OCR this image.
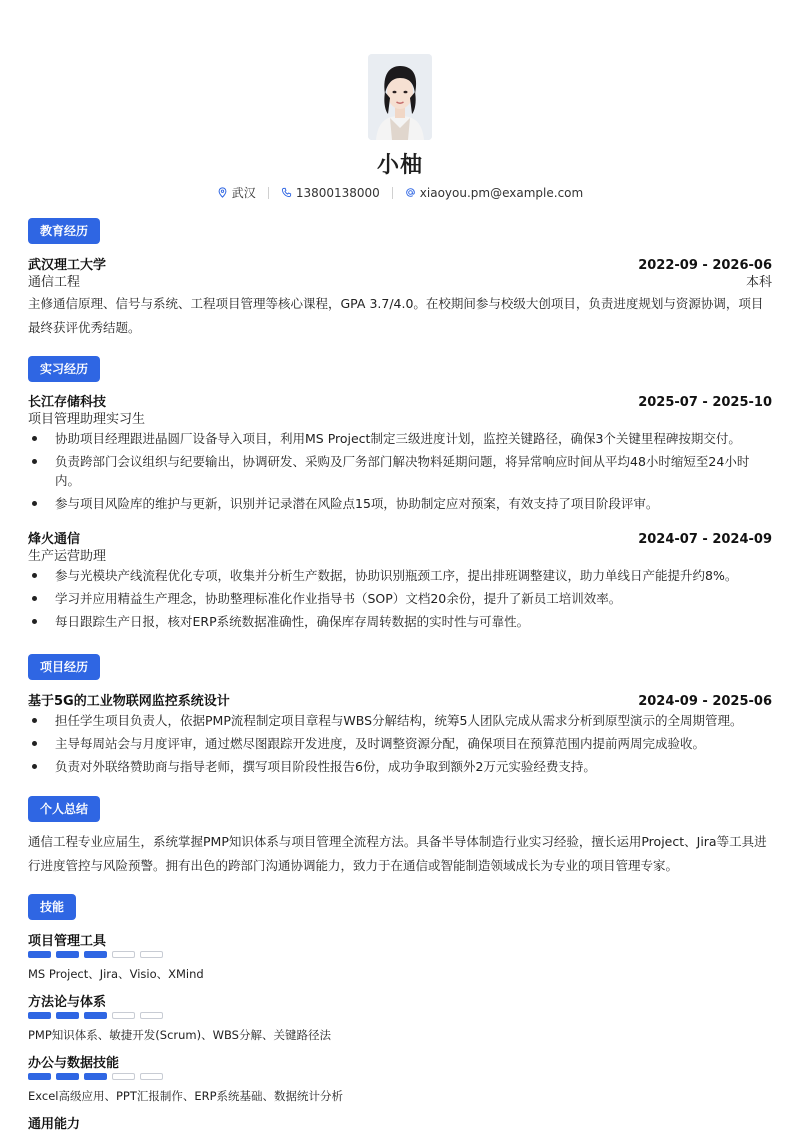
小柚
武汉	13800138000	xiaoyou.pm@example.com
教育经历
武汉理工大学	2022-09 - 2026-06
通信工程	本科
主修通信原理、信号与系统、工程项目管理等核心课程，GPA 3.7/4.0。在校期间参与校级大创项目，负责进度规划与资源协调，项目最终获评优秀结题。
实习经历
长江存储科技	2025-07 - 2025-10
项目管理助理实习生
协助项目经理跟进晶圆厂设备导入项目，利用MS Project制定三级进度计划，监控关键路径，确保3个关键里程碑按期交付。
负责跨部门会议组织与纪要输出，协调研发、采购及厂务部门解决物料延期问题，将异常响应时间从平均48小时缩短至24小时内。
参与项目风险库的维护与更新，识别并记录潜在风险点15项，协助制定应对预案，有效支持了项目阶段评审。
烽火通信	2024-07 - 2024-09
生产运营助理
参与光模块产线流程优化专项，收集并分析生产数据，协助识别瓶颈工序，提出排班调整建议，助力单线日产能提升约8%。
学习并应用精益生产理念，协助整理标准化作业指导书（SOP）文档20余份，提升了新员工培训效率。
每日跟踪生产日报，核对ERP系统数据准确性，确保库存周转数据的实时性与可靠性。
项目经历
基于5G的工业物联网监控系统设计	2024-09 - 2025-06
担任学生项目负责人，依据PMP流程制定项目章程与WBS分解结构，统筹5人团队完成从需求分析到原型演示的全周期管理。
主导每周站会与月度评审，通过燃尽图跟踪开发进度，及时调整资源分配，确保项目在预算范围内提前两周完成验收。
负责对外联络赞助商与指导老师，撰写项目阶段性报告6份，成功争取到额外2万元实验经费支持。
个人总结
通信工程专业应届生，系统掌握PMP知识体系与项目管理全流程方法。具备半导体制造行业实习经验，擅长运用Project、Jira等工具进行进度管控与风险预警。拥有出色的跨部门沟通协调能力，致力于在通信或智能制造领域成长为专业的项目管理专家。
技能
项目管理工具
MS Project、Jira、Visio、XMind
方法论与体系
PMP知识体系、敏捷开发(Scrum)、WBS分解、关键路径法
办公与数据技能
Excel高级应用、PPT汇报制作、ERP系统基础、数据统计分析
通用能力
